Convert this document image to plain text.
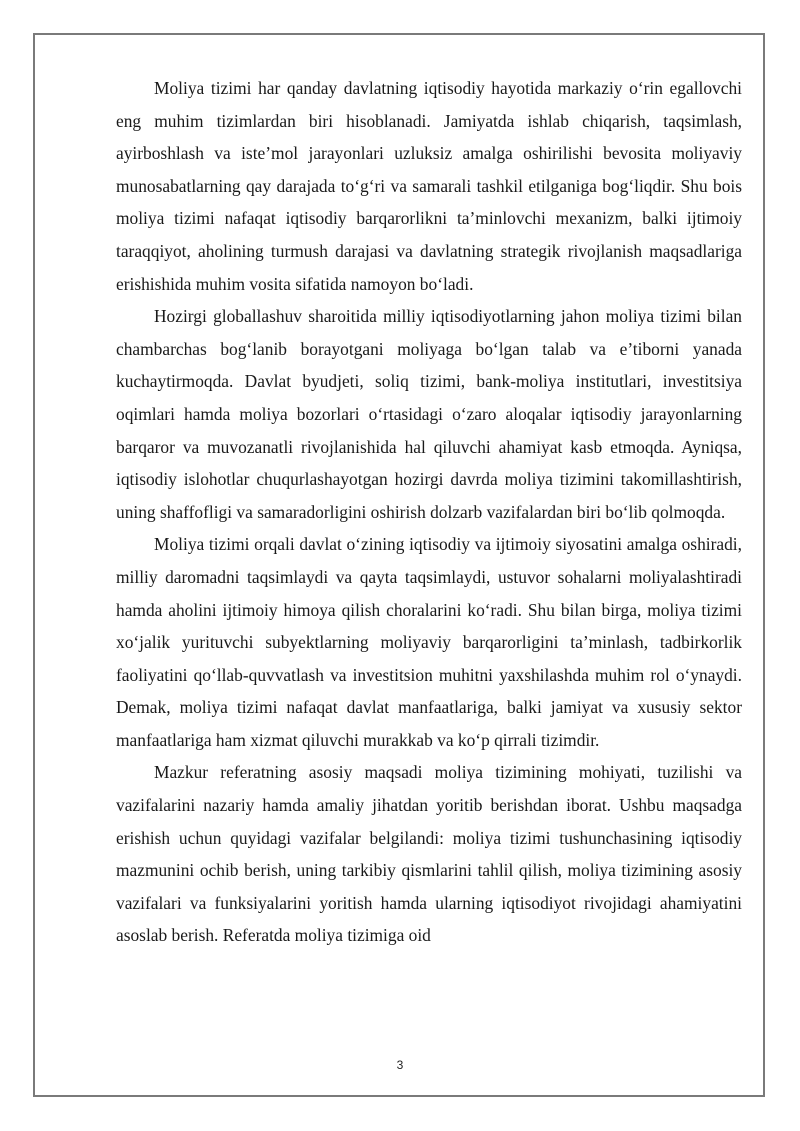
Moliya tizimi har qanday davlatning iqtisodiy hayotida markaziy o‘rin egallovchi eng muhim tizimlardan biri hisoblanadi. Jamiyatda ishlab chiqarish, taqsimlash, ayirboshlash va iste’mol jarayonlari uzluksiz amalga oshirilishi bevosita moliyaviy munosabatlarning qay darajada to‘g‘ri va samarali tashkil etilganiga bog‘liqdir. Shu bois moliya tizimi nafaqat iqtisodiy barqarorlikni ta’minlovchi mexanizm, balki ijtimoiy taraqqiyot, aholining turmush darajasi va davlatning strategik rivojlanish maqsadlariga erishishida muhim vosita sifatida namoyon bo‘ladi.

Hozirgi globallashuv sharoitida milliy iqtisodiyotlarning jahon moliya tizimi bilan chambarchas bog‘lanib borayotgani moliyaga bo‘lgan talab va e’tiborni yanada kuchaytirmoqda. Davlat byudjeti, soliq tizimi, bank-moliya institutlari, investitsiya oqimlari hamda moliya bozorlari o‘rtasidagi o‘zaro aloqalar iqtisodiy jarayonlarning barqaror va muvozanatli rivojlanishida hal qiluvchi ahamiyat kasb etmoqda. Ayniqsa, iqtisodiy islohotlar chuqurlashayotgan hozirgi davrda moliya tizimini takomillashtirish, uning shaffofligi va samaradorligini oshirish dolzarb vazifalardan biri bo‘lib qolmoqda.

Moliya tizimi orqali davlat o‘zining iqtisodiy va ijtimoiy siyosatini amalga oshiradi, milliy daromadni taqsimlaydi va qayta taqsimlaydi, ustuvor sohalarni moliyalashtiradi hamda aholini ijtimoiy himoya qilish choralarini ko‘radi. Shu bilan birga, moliya tizimi xo‘jalik yurituvchi subyektlarning moliyaviy barqarorligini ta’minlash, tadbirkorlik faoliyatini qo‘llab-quvvatlash va investitsion muhitni yaxshilashda muhim rol o‘ynaydi. Demak, moliya tizimi nafaqat davlat manfaatlariga, balki jamiyat va xususiy sektor manfaatlariga ham xizmat qiluvchi murakkab va ko‘p qirrali tizimdir.

Mazkur referatning asosiy maqsadi moliya tizimining mohiyati, tuzilishi va vazifalarini nazariy hamda amaliy jihatdan yoritib berishdan iborat. Ushbu maqsadga erishish uchun quyidagi vazifalar belgilandi: moliya tizimi tushunchasining iqtisodiy mazmunini ochib berish, uning tarkibiy qismlarini tahlil qilish, moliya tizimining asosiy vazifalari va funksiyalarini yoritish hamda ularning iqtisodiyot rivojidagi ahamiyatini asoslab berish. Referatda moliya tizimiga oid

3
